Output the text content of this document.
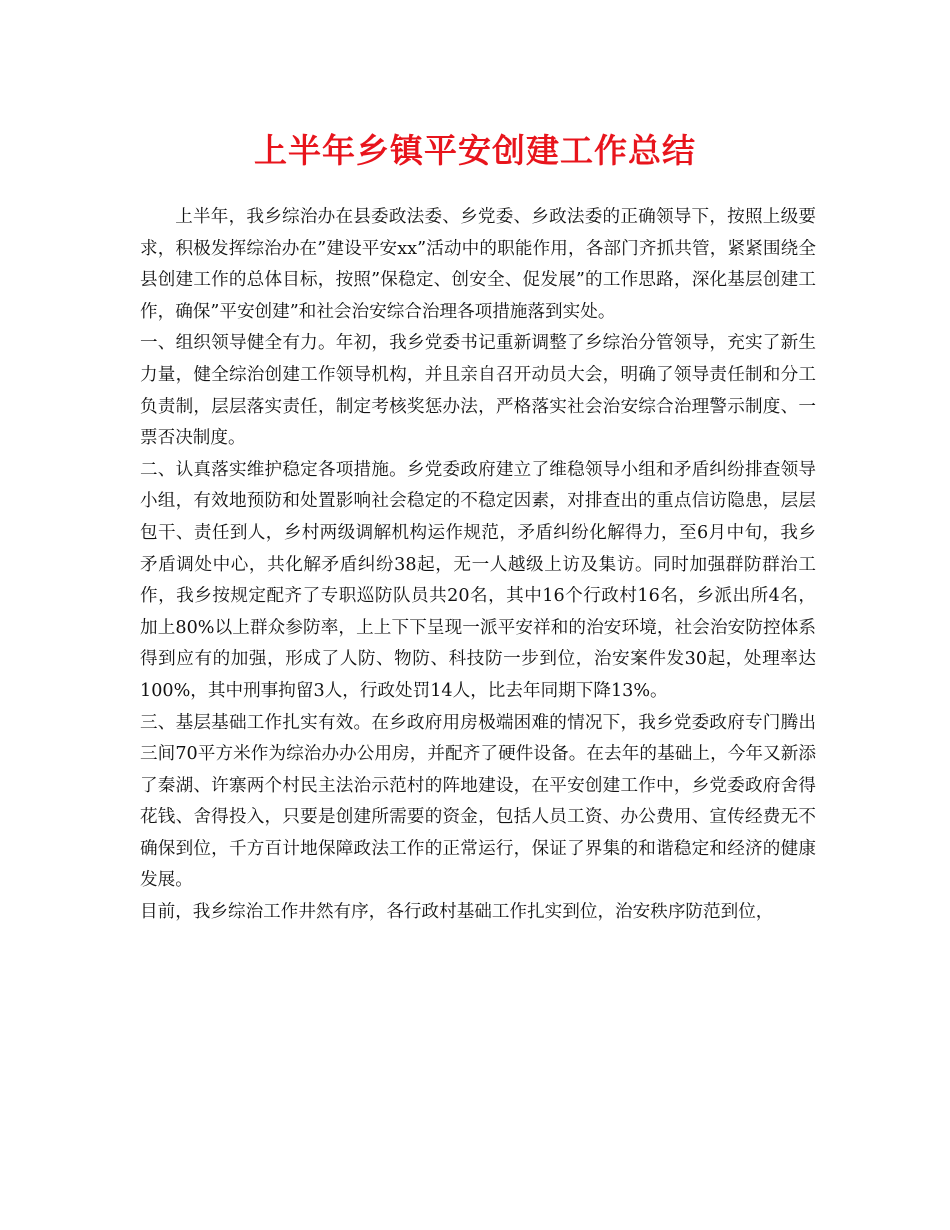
上半年乡镇平安创建工作总结

上半年，我乡综治办在县委政法委、乡党委、乡政法委的正确领导下，按照上级要求，积极发挥综治办在”建设平安xx”活动中的职能作用，各部门齐抓共管，紧紧围绕全县创建工作的总体目标，按照”保稳定、创安全、促发展”的工作思路，深化基层创建工作，确保”平安创建”和社会治安综合治理各项措施落到实处。

一、组织领导健全有力。年初，我乡党委书记重新调整了乡综治分管领导，充实了新生力量，健全综治创建工作领导机构，并且亲自召开动员大会，明确了领导责任制和分工负责制，层层落实责任，制定考核奖惩办法，严格落实社会治安综合治理警示制度、一票否决制度。

二、认真落实维护稳定各项措施。乡党委政府建立了维稳领导小组和矛盾纠纷排查领导小组，有效地预防和处置影响社会稳定的不稳定因素，对排查出的重点信访隐患，层层包干、责任到人，乡村两级调解机构运作规范，矛盾纠纷化解得力，至6月中旬，我乡矛盾调处中心，共化解矛盾纠纷38起，无一人越级上访及集访。同时加强群防群治工作，我乡按规定配齐了专职巡防队员共20名，其中16个行政村16名，乡派出所4名，加上80%以上群众参防率，上上下下呈现一派平安祥和的治安环境，社会治安防控体系得到应有的加强，形成了人防、物防、科技防一步到位，治安案件发30起，处理率达100%，其中刑事拘留3人，行政处罚14人，比去年同期下降13%。

三、基层基础工作扎实有效。在乡政府用房极端困难的情况下，我乡党委政府专门腾出三间70平方米作为综治办办公用房，并配齐了硬件设备。在去年的基础上，今年又新添了秦湖、许寨两个村民主法治示范村的阵地建设，在平安创建工作中，乡党委政府舍得花钱、舍得投入，只要是创建所需要的资金，包括人员工资、办公费用、宣传经费无不确保到位，千方百计地保障政法工作的正常运行，保证了界集的和谐稳定和经济的健康发展。

目前，我乡综治工作井然有序，各行政村基础工作扎实到位，治安秩序防范到位，
